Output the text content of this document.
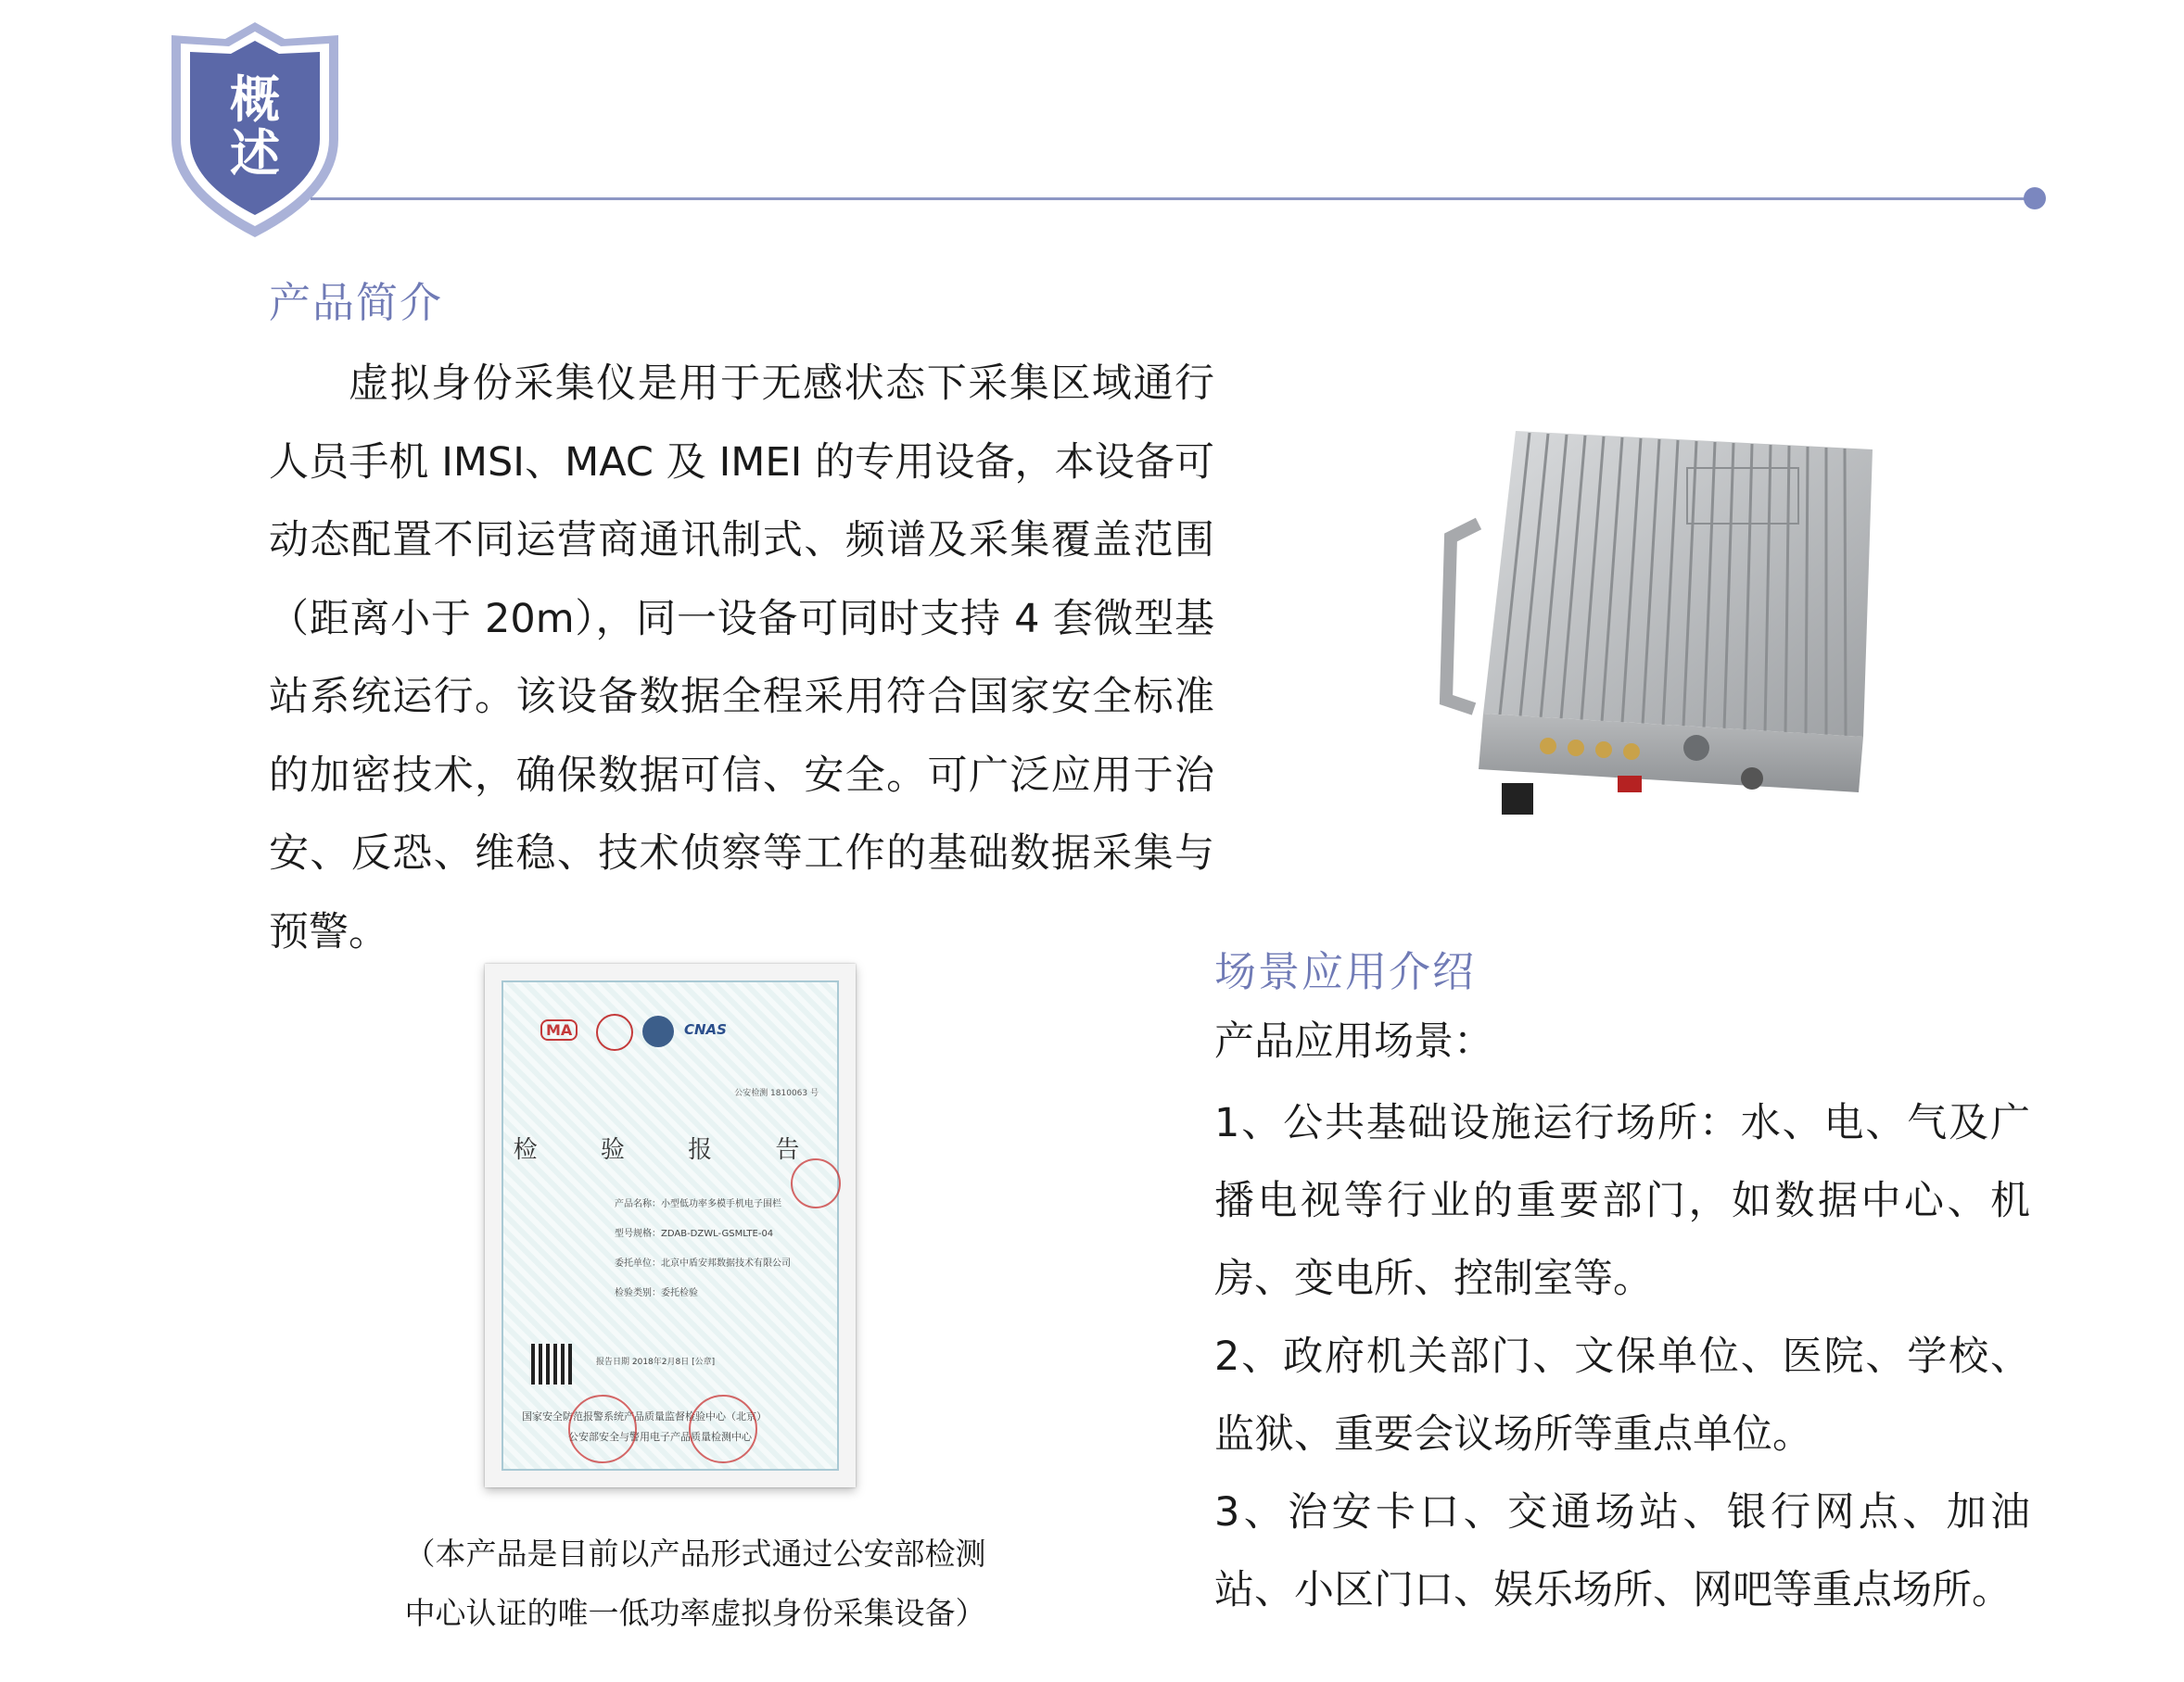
概
述
产品简介

虚拟身份采集仪是用于无感状态下采集区域通行人员手机 IMSI、MAC 及 IMEI 的专用设备，本设备可动态配置不同运营商通讯制式、频谱及采集覆盖范围（距离小于 20m），同一设备可同时支持 4 套微型基站系统运行。该设备数据全程采用符合国家安全标准的加密技术，确保数据可信、安全。可广泛应用于治安、反恐、维稳、技术侦察等工作的基础数据采集与预警。

MA	CNAS
公安检测 1810063 号
检 验 报 告
产品名称：小型低功率多模手机电子围栏
型号规格：ZDAB-DZWL-GSMLTE-04
委托单位：北京中盾安邦数据技术有限公司
检验类别：委托检验
报告日期 2018年2月8日 [公章]
国家安全防范报警系统产品质量监督检验中心（北京）
公安部安全与警用电子产品质量检测中心

（本产品是目前以产品形式通过公安部检测
中心认证的唯一低功率虚拟身份采集设备）

场景应用介绍
产品应用场景：

1、公共基础设施运行场所：水、电、气及广播电视等行业的重要部门，如数据中心、机房、变电所、控制室等。

2、政府机关部门、文保单位、医院、学校、监狱、重要会议场所等重点单位。

3、治安卡口、交通场站、银行网点、加油站、小区门口、娱乐场所、网吧等重点场所。
